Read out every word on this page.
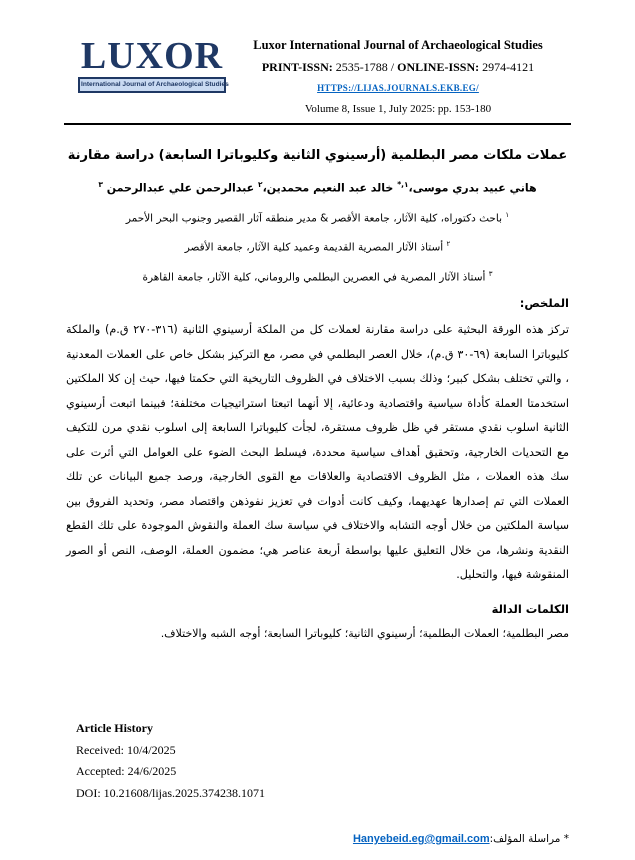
LUXOR
International Journal of Archaeological Studies
Luxor International Journal of Archaeological Studies
PRINT-ISSN: 2535-1788 / ONLINE-ISSN: 2974-4121
HTTPS://LIJAS.JOURNALS.EKB.EG/
Volume 8, Issue 1, July 2025: pp. 153-180
عملات ملكات مصر البطلمية (أرسينوي الثانية وكليوباترا السابعة) دراسة مقارنة
هاني عبيد بدري موسى،$^{١,*}$ خالد عبد النعيم محمدين،$^٢$ عبدالرحمن علي عبدالرحمن $^٣$
$^١$ باحث دكتوراه، كلية الآثار، جامعة الأقصر & مدير منطقه آثار القصير وجنوب البحر الأحمر
$^٢$ أستاذ الآثار المصرية القديمة وعميد كلية الآثار، جامعة الأقصر
$^٣$ أستاذ الآثار المصرية في العصرين البطلمي والروماني، كلية الآثار، جامعة القاهرة
الملخص:
تركز هذه الورقة البحثية على دراسة مقارنة لعملات كل من الملكة أرسينوي الثانية (٣١٦-٢٧٠ ق.م) والملكة كليوباترا السابعة (٦٩-٣٠ ق.م)، خلال العصر البطلمي في مصر، مع التركيز بشكل خاص على العملات المعدنية ، والتي تختلف بشكل كبير؛ وذلك بسبب الاختلاف في الظروف التاريخية التي حكمتا فيها، حيث إن كلا الملكتين استخدمتا العملة كأداة سياسية واقتصادية ودعائية، إلا أنهما اتبعتا استراتيجيات مختلفة؛ فبينما اتبعت أرسينوي الثانية اسلوب نقدي مستقر في ظل ظروف مستقرة، لجأت كليوباترا السابعة إلى اسلوب نقدي مرن للتكيف مع التحديات الخارجية، وتحقيق أهداف سياسية محددة، فيسلط البحث الضوء على العوامل التي أثرت على سك هذه العملات ، مثل الظروف الاقتصادية والعلاقات مع القوى الخارجية، ورصد جميع البيانات عن تلك العملات التي تم إصدارها عهديهما، وكيف كانت أدوات في تعزيز نفوذهن واقتصاد مصر، وتحديد الفروق بين سياسة الملكتين من خلال أوجه التشابه والاختلاف في سياسة سك العملة والنقوش الموجودة على تلك القطع النقدية ونشرها، من خلال التعليق عليها بواسطة أربعة عناصر هي؛ مضمون العملة، الوصف، النص أو الصور المنقوشة فيها، والتحليل.
الكلمات الدالة
مصر البطلمية؛ العملات البطلمية؛ أرسينوي الثانية؛ كليوباترا السابعة؛ أوجه الشبه والاختلاف.
Article History
Received: 10/4/2025
Accepted: 24/6/2025
DOI: 10.21608/lijas.2025.374238.1071
* مراسلة المؤلف:Hanyebeid.eg@gmail.com
